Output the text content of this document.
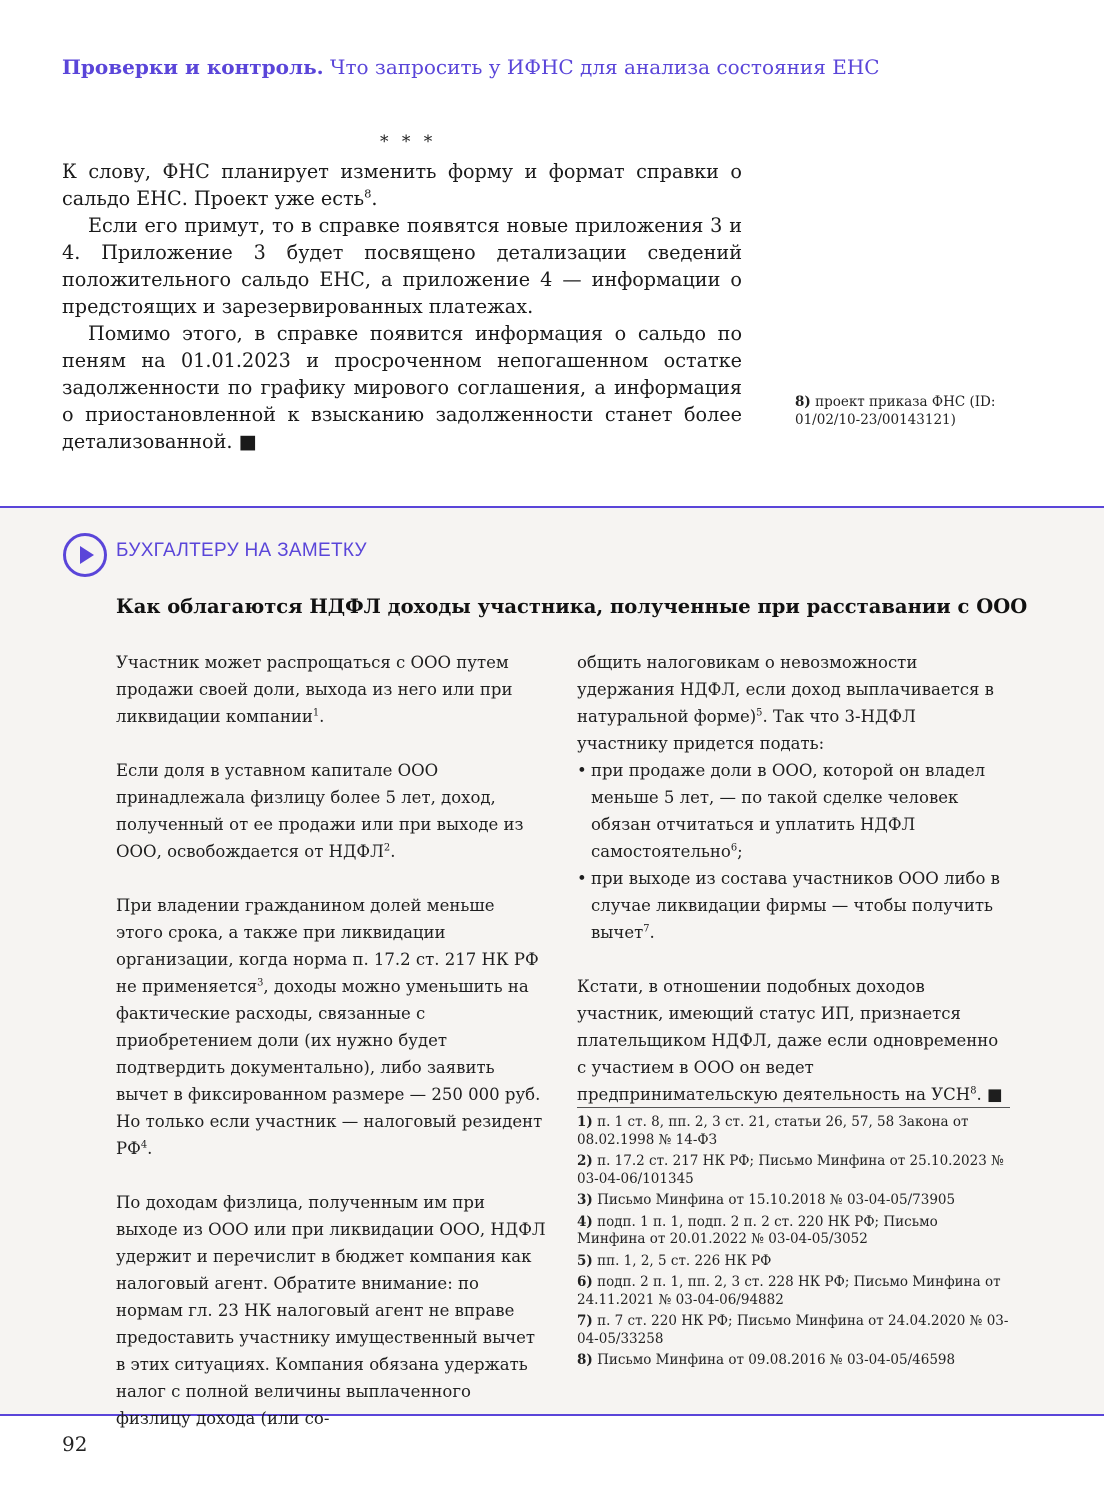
Проверки и контроль. Что запросить у ИФНС для анализа состояния ЕНС
* * *

К слову, ФНС планирует изменить форму и формат справки о сальдо ЕНС. Проект уже есть$^8$.

Если его примут, то в справке появятся новые приложения 3 и 4. Приложение 3 будет посвящено детализации сведений положительного сальдо ЕНС, а приложение 4 — информации о предстоящих и зарезервированных платежах.

Помимо этого, в справке появится информация о сальдо по пеням на 01.01.2023 и просроченном непогашенном остатке задолженности по графику мирового соглашения, а информация о приостановленной к взысканию задолженности станет более детализованной. ■

8) проект приказа ФНС (ID: 01/02/10-23/00143121)
БУХГАЛТЕРУ НА ЗАМЕТКУ
Как облагаются НДФЛ доходы участника, полученные при расставании с ООО

Участник может распрощаться с ООО путем продажи своей доли, выхода из него или при ликвидации компании$^1$.

Если доля в уставном капитале ООО принадлежала физлицу более 5 лет, доход, полученный от ее продажи или при выходе из ООО, освобождается от НДФЛ$^2$.

При владении гражданином долей меньше этого срока, а также при ликвидации организации, когда норма п. 17.2 ст. 217 НК РФ не применяется$^3$, доходы можно уменьшить на фактические расходы, связанные с приобретением доли (их нужно будет подтвердить документально), либо заявить вычет в фиксированном размере — 250 000 руб. Но только если участник — налоговый резидент $РФ^4$.

По доходам физлица, полученным им при выходе из ООО или при ликвидации ООО, НДФЛ удержит и перечислит в бюджет компания как налоговый агент. Обратите внимание: по нормам гл. 23 НК налоговый агент не вправе предоставить участнику имущественный вычет в этих ситуациях. Компания обязана удержать налог с полной величины выплаченного физлицу дохода (или со-

общить налоговикам о невозможности удержания НДФЛ, если доход выплачивается в натуральной форме)$^5$. Так что 3-НДФЛ участнику придется подать:

• при продаже доли в ООО, которой он владел меньше 5 лет, — по такой сделке человек обязан отчитаться и уплатить НДФЛ самостоятельно$^6$;
• при выходе из состава участников ООО либо в случае ликвидации фирмы — чтобы получить вычет$^7$.

Кстати, в отношении подобных доходов участник, имеющий статус ИП, признается плательщиком НДФЛ, даже если одновременно с участием в ООО он ведет предпринимательскую деятельность на УСН$^8$. ■

1) п. 1 ст. 8, пп. 2, 3 ст. 21, статьи 26, 57, 58 Закона от 08.02.1998 № 14-ФЗ
2) п. 17.2 ст. 217 НК РФ; Письмо Минфина от 25.10.2023 № 03-04-06/101345
3) Письмо Минфина от 15.10.2018 № 03-04-05/73905
4) подп. 1 п. 1, подп. 2 п. 2 ст. 220 НК РФ; Письмо Минфина от 20.01.2022 № 03-04-05/3052
5) пп. 1, 2, 5 ст. 226 НК РФ
6) подп. 2 п. 1, пп. 2, 3 ст. 228 НК РФ; Письмо Минфина от 24.11.2021 № 03-04-06/94882
7) п. 7 ст. 220 НК РФ; Письмо Минфина от 24.04.2020 № 03-04-05/33258
8) Письмо Минфина от 09.08.2016 № 03-04-05/46598
92
